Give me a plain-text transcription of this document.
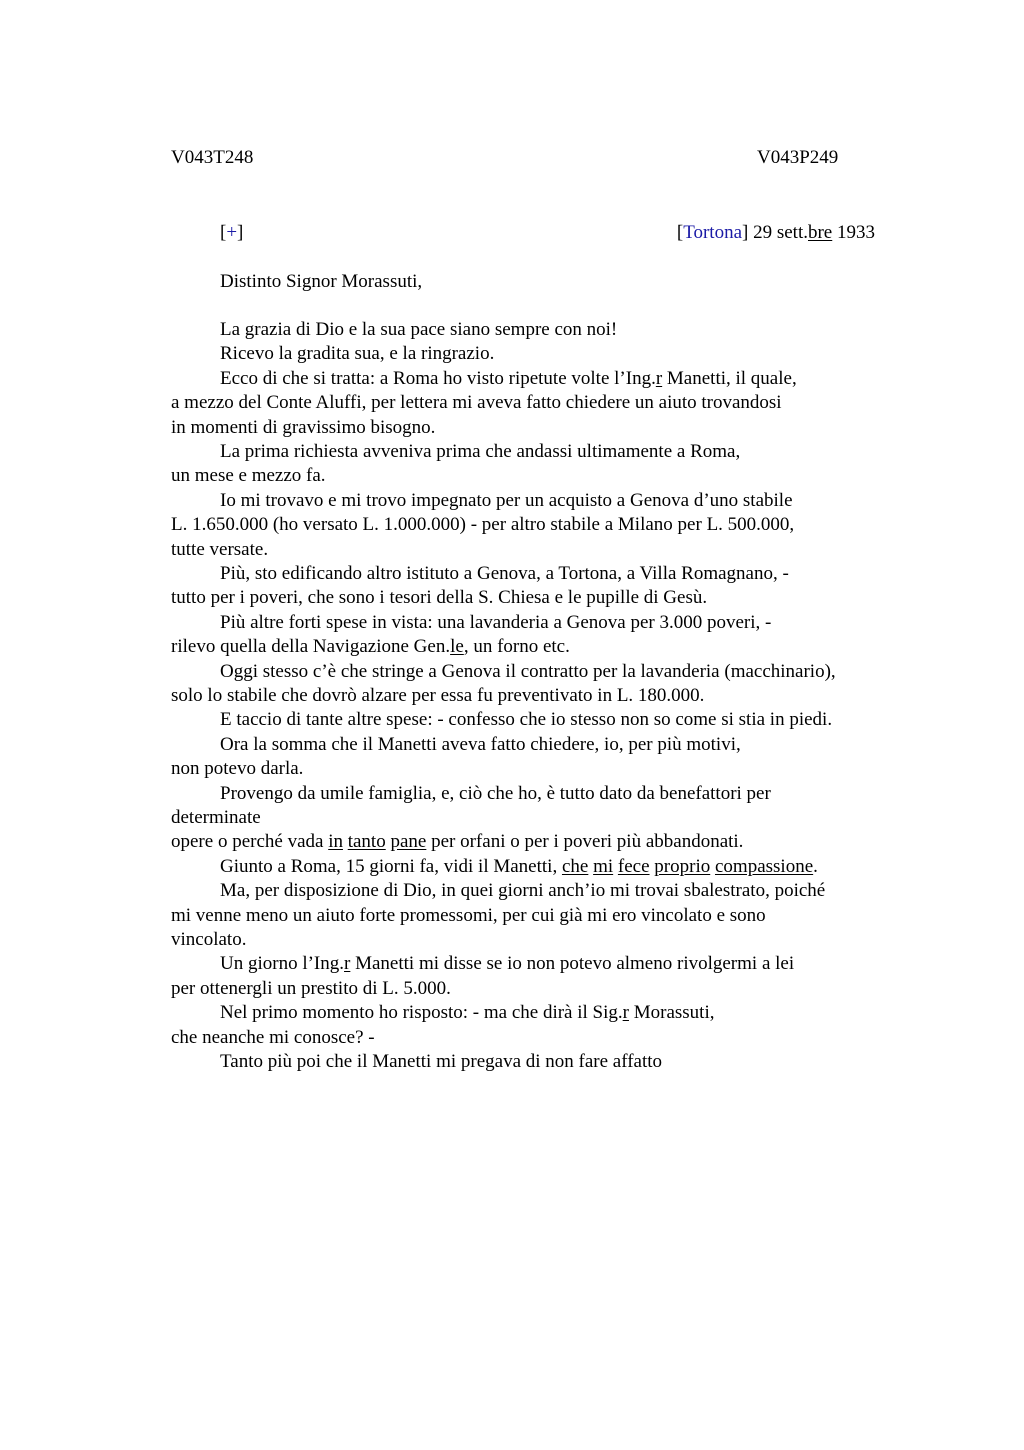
V043T248	V043P249
[+]	[Tortona] 29 sett.bre 1933
Distinto Signor Morassuti,
La grazia di Dio e la sua pace siano sempre con noi!
Ricevo la gradita sua, e la ringrazio.
Ecco di che si tratta: a Roma ho visto ripetute volte l’Ing.r Manetti, il quale,
a mezzo del Conte Aluffi, per lettera mi aveva fatto chiedere un aiuto trovandosi
in momenti di gravissimo bisogno.
La prima richiesta avveniva prima che andassi ultimamente a Roma,
un mese e mezzo fa.
Io mi trovavo e mi trovo impegnato per un acquisto a Genova d’uno stabile
L. 1.650.000 (ho versato L. 1.000.000) - per altro stabile a Milano per L. 500.000,
tutte versate.
Più, sto edificando altro istituto a Genova, a Tortona, a Villa Romagnano, -
tutto per i poveri, che sono i tesori della S. Chiesa e le pupille di Gesù.
Più altre forti spese in vista: una lavanderia a Genova per 3.000 poveri, -
rilevo quella della Navigazione Gen.le, un forno etc.
Oggi stesso c’è che stringe a Genova il contratto per la lavanderia (macchinario),
solo lo stabile che dovrò alzare per essa fu preventivato in L. 180.000.
E taccio di tante altre spese: - confesso che io stesso non so come si stia in piedi.
Ora la somma che il Manetti aveva fatto chiedere, io, per più motivi,
non potevo darla.
Provengo da umile famiglia, e, ciò che ho, è tutto dato da benefattori per
determinate
opere o perché vada in tanto pane per orfani o per i poveri più abbandonati.
Giunto a Roma, 15 giorni fa, vidi il Manetti, che mi fece proprio compassione.
Ma, per disposizione di Dio, in quei giorni anch’io mi trovai sbalestrato, poiché
mi venne meno un aiuto forte promessomi, per cui già mi ero vincolato e sono
vincolato.
Un giorno l’Ing.r Manetti mi disse se io non potevo almeno rivolgermi a lei
per ottenergli un prestito di L. 5.000.
Nel primo momento ho risposto: - ma che dirà il Sig.r Morassuti,
che neanche mi conosce? -
Tanto più poi che il Manetti mi pregava di non fare affatto
